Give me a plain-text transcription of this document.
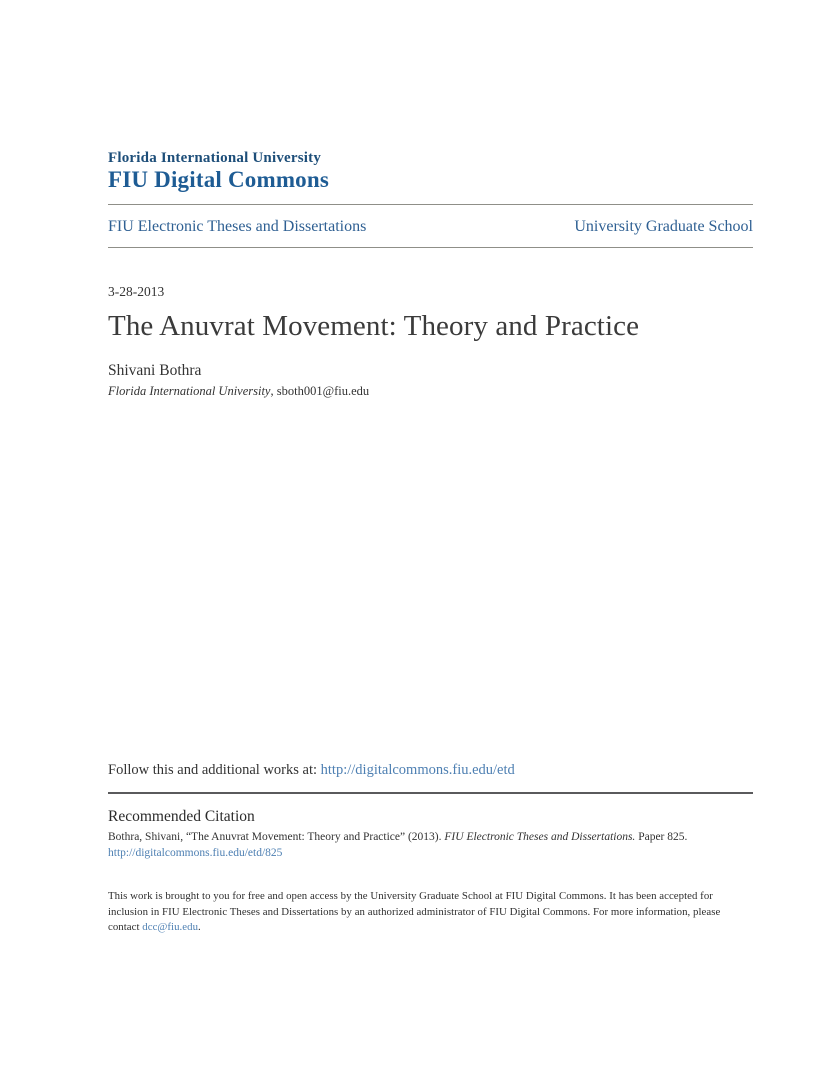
Florida International University
FIU Digital Commons
FIU Electronic Theses and Dissertations	University Graduate School
3-28-2013
The Anuvrat Movement: Theory and Practice
Shivani Bothra
Florida International University, sboth001@fiu.edu
Follow this and additional works at: http://digitalcommons.fiu.edu/etd
Recommended Citation

Bothra, Shivani, “The Anuvrat Movement: Theory and Practice” (2013). FIU Electronic Theses and Dissertations. Paper 825.

http://digitalcommons.fiu.edu/etd/825

This work is brought to you for free and open access by the University Graduate School at FIU Digital Commons. It has been accepted for inclusion in FIU Electronic Theses and Dissertations by an authorized administrator of FIU Digital Commons. For more information, please contact dcc@fiu.edu.
